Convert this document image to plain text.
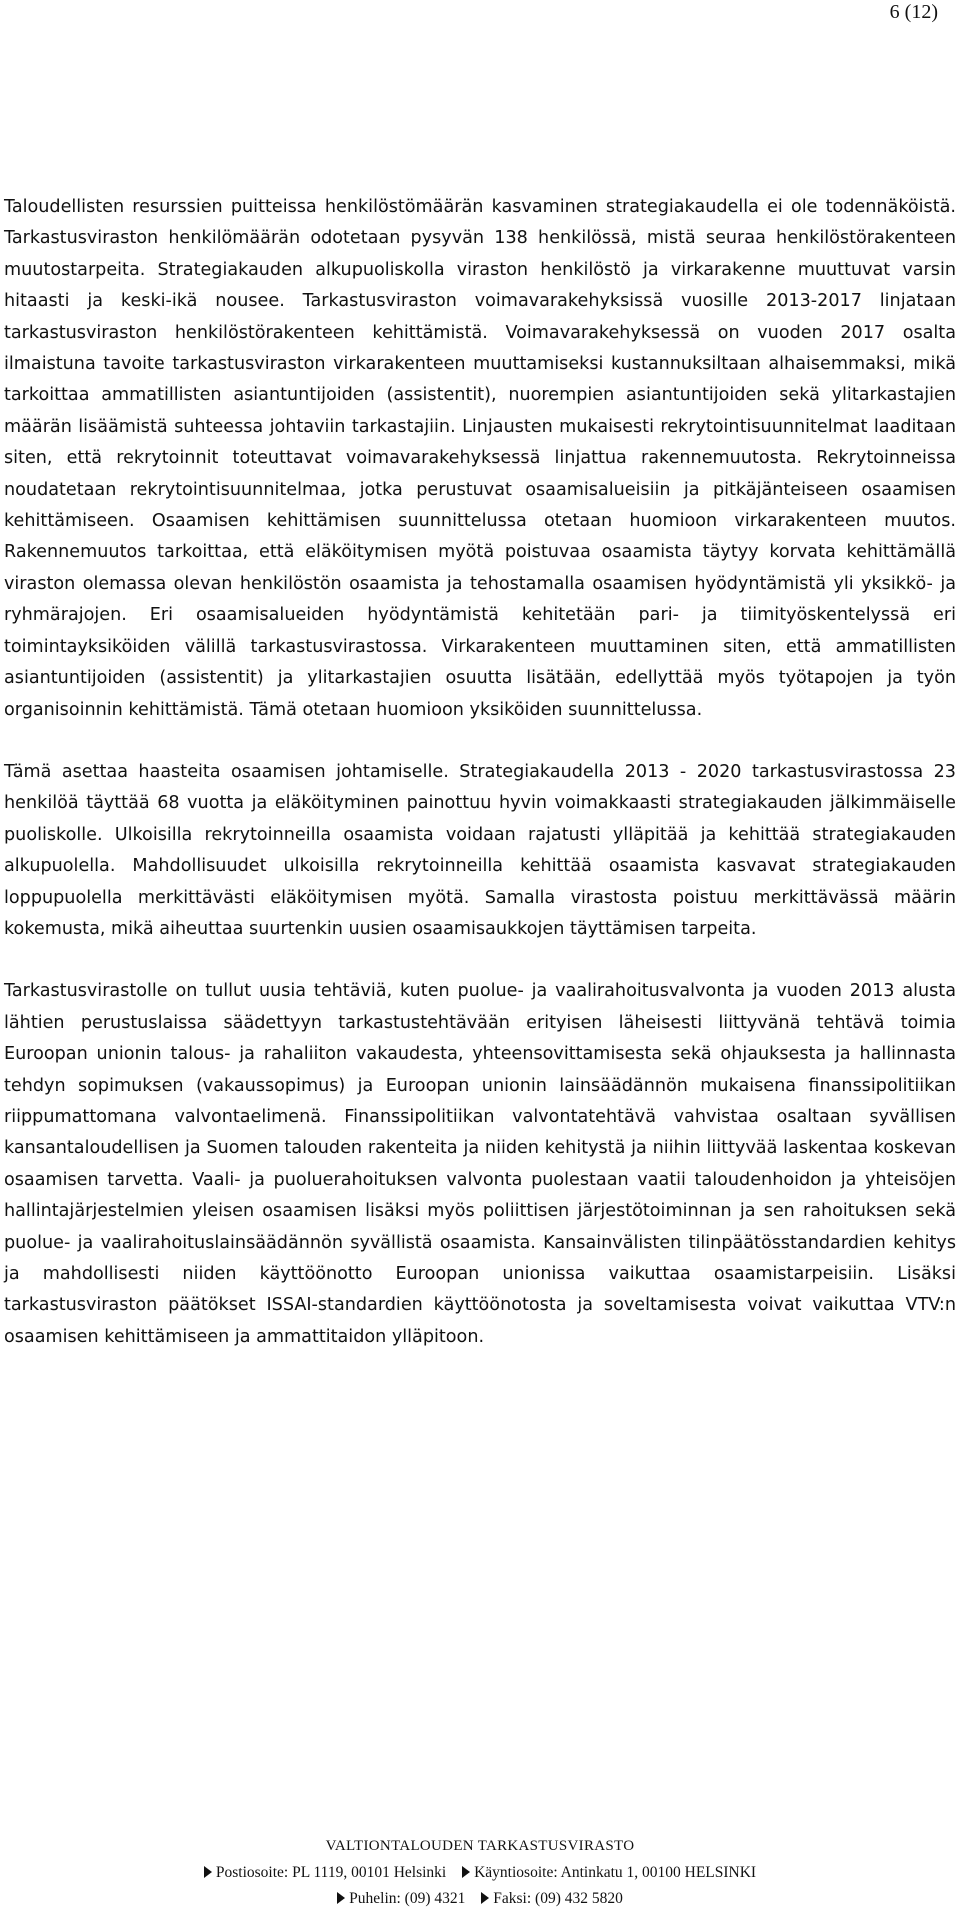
6 (12)

Taloudellisten resurssien puitteissa henkilöstömäärän kasvaminen strategiakaudella ei ole todennäköistä. Tarkastusviraston henkilömäärän odotetaan pysyvän 138 henkilössä, mistä seuraa henkilöstörakenteen muutostarpeita. Strategiakauden alkupuoliskolla viraston henkilöstö ja virkarakenne muuttuvat varsin hitaasti ja keski-ikä nousee. Tarkastusviraston voimavarakehyksissä vuosille 2013-2017 linjataan tarkastusviraston henkilöstörakenteen kehittämistä. Voimavarakehyksessä on vuoden 2017 osalta ilmaistuna tavoite tarkastusviraston virkarakenteen muuttamiseksi kustannuksiltaan alhaisemmaksi, mikä tarkoittaa ammatillisten asiantuntijoiden (assistentit), nuorempien asiantuntijoiden sekä ylitarkastajien määrän lisäämistä suhteessa johtaviin tarkastajiin. Linjausten mukaisesti rekrytointisuunnitelmat laaditaan siten, että rekrytoinnit toteuttavat voimavarakehyksessä linjattua rakennemuutosta. Rekrytoinneissa noudatetaan rekrytointisuunnitelmaa, jotka perustuvat osaamisalueisiin ja pitkäjänteiseen osaamisen kehittämiseen. Osaamisen kehittämisen suunnittelussa otetaan huomioon virkarakenteen muutos. Rakennemuutos tarkoittaa, että eläköitymisen myötä poistuvaa osaamista täytyy korvata kehittämällä viraston olemassa olevan henkilöstön osaamista ja tehostamalla osaamisen hyödyntämistä yli yksikkö- ja ryhmärajojen. Eri osaamisalueiden hyödyntämistä kehitetään pari- ja tiimityöskentelyssä eri toimintayksiköiden välillä tarkastusvirastossa. Virkarakenteen muuttaminen siten, että ammatillisten asiantuntijoiden (assistentit) ja ylitarkastajien osuutta lisätään, edellyttää myös työtapojen ja työn organisoinnin kehittämistä. Tämä otetaan huomioon yksiköiden suunnittelussa.

Tämä asettaa haasteita osaamisen johtamiselle. Strategiakaudella 2013 - 2020 tarkastusvirastossa 23 henkilöä täyttää 68 vuotta ja eläköityminen painottuu hyvin voimakkaasti strategiakauden jälkimmäiselle puoliskolle. Ulkoisilla rekrytoinneilla osaamista voidaan rajatusti ylläpitää ja kehittää strategiakauden alkupuolella. Mahdollisuudet ulkoisilla rekrytoinneilla kehittää osaamista kasvavat strategiakauden loppupuolella merkittävästi eläköitymisen myötä. Samalla virastosta poistuu merkittävässä määrin kokemusta, mikä aiheuttaa suurtenkin uusien osaamisaukkojen täyttämisen tarpeita.

Tarkastusvirastolle on tullut uusia tehtäviä, kuten puolue- ja vaalirahoitusvalvonta ja vuoden 2013 alusta lähtien perustuslaissa säädettyyn tarkastustehtävään erityisen läheisesti liittyvänä tehtävä toimia Euroopan unionin talous- ja rahaliiton vakaudesta, yhteensovittamisesta sekä ohjauksesta ja hallinnasta tehdyn sopimuksen (vakaussopimus) ja Euroopan unionin lainsäädännön mukaisena finanssipolitiikan riippumattomana valvontaelimenä. Finanssipolitiikan valvontatehtävä vahvistaa osaltaan syvällisen kansantaloudellisen ja Suomen talouden rakenteita ja niiden kehitystä ja niihin liittyvää laskentaa koskevan osaamisen tarvetta. Vaali- ja puoluerahoituksen valvonta puolestaan vaatii taloudenhoidon ja yhteisöjen hallintajärjestelmien yleisen osaamisen lisäksi myös poliittisen järjestötoiminnan ja sen rahoituksen sekä puolue- ja vaalirahoituslainsäädännön syvällistä osaamista. Kansainvälisten tilinpäätösstandardien kehitys ja mahdollisesti niiden käyttöönotto Euroopan unionissa vaikuttaa osaamistarpeisiin. Lisäksi tarkastusviraston päätökset ISSAI-standardien käyttöönotosta ja soveltamisesta voivat vaikuttaa VTV:n osaamisen kehittämiseen ja ammattitaidon ylläpitoon.

VALTIONTALOUDEN TARKASTUSVIRASTO
Postiosoite: PL 1119, 00101 Helsinki Käyntiosoite: Antinkatu 1, 00100 HELSINKI
Puhelin: (09) 4321 Faksi: (09) 432 5820
